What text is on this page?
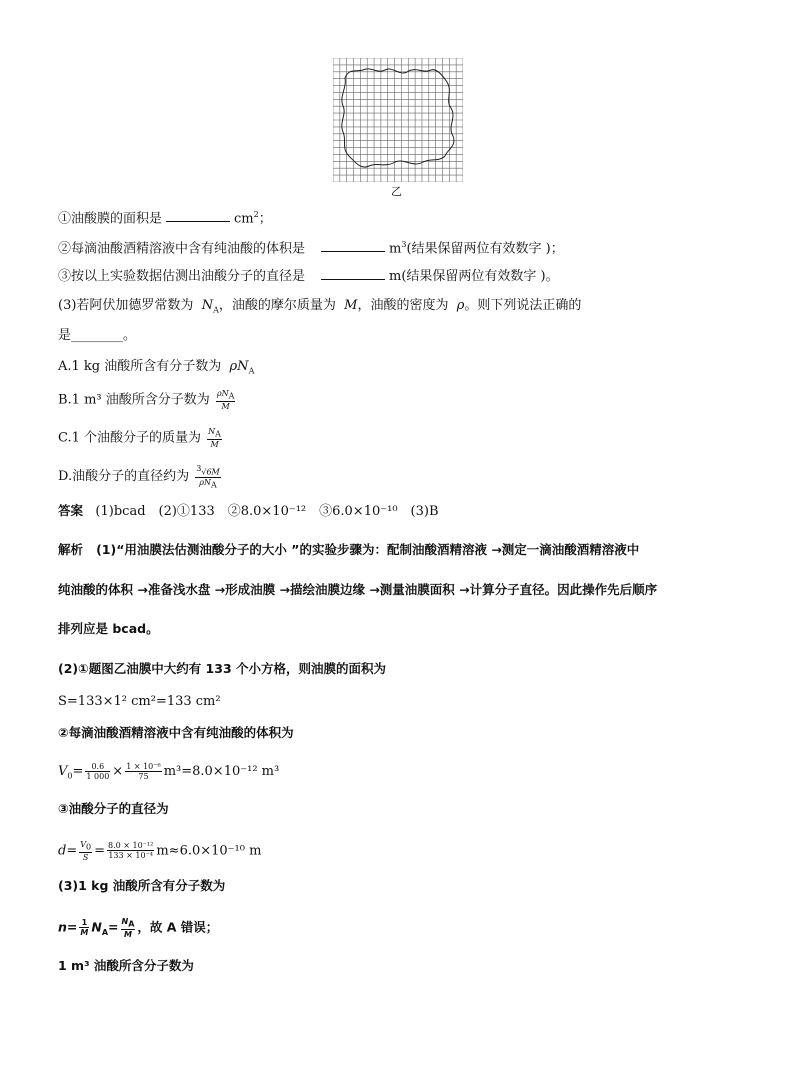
乙
①油酸膜的面积是	$cm^2$；
②每滴油酸酒精溶液中含有纯油酸的体积是	$m^3$(结果保留两位有效数字 )；
③按以上实验数据估测出油酸分子的直径是	m(结果保留两位有效数字 )。
(3)若阿伏加德罗常数为 $N_A$，油酸的摩尔质量为 M，油酸的密度为 ρ。则下列说法正确的
是________。
A.1 kg 油酸所含有分子数为 $\rho N_A$
B.1 m³ 油酸所含分子数为 $\frac{\rho N_A}{M}$
C.1 个油酸分子的质量为 $\frac{N_A}{M}$
D.油酸分子的直径约为 $\frac{^3√6M}{\rho N_A}$
答案 (1)bcad　(2)①133　②8.0×10⁻¹²　③6.0×10⁻¹⁰　(3)B
解析 (1)“用油膜法估测油酸分子的大小 ”的实验步骤为：配制油酸酒精溶液 →测定一滴油酸酒精溶液中
纯油酸的体积 →准备浅水盘 →形成油膜 →描绘油膜边缘 →测量油膜面积 →计算分子直径。因此操作先后顺序
排列应是 bcad。
(2)①题图乙油膜中大约有 133 个小方格，则油膜的面积为
S=133×1² cm²=133 cm²
②每滴油酸酒精溶液中含有纯油酸的体积为
$V_0= \frac{0.6}{1 000} \times \frac{\text{1 × 10⁻⁶}}{75} m^3=8.0\times 10^{-12}$ m³
③油酸分子的直径为
$d= \frac{V_0}{S} = \frac{\text{8.0 × 10⁻¹²}}{\text{133 × 10⁻⁴}} m\approx 6.0\times 10^{-10}$ m
(3)1 kg 油酸所含有分子数为
$n= \frac{1}{M} N_A= \frac{N_A}{M}$ ，故 A 错误；
1 m³ 油酸所含分子数为
